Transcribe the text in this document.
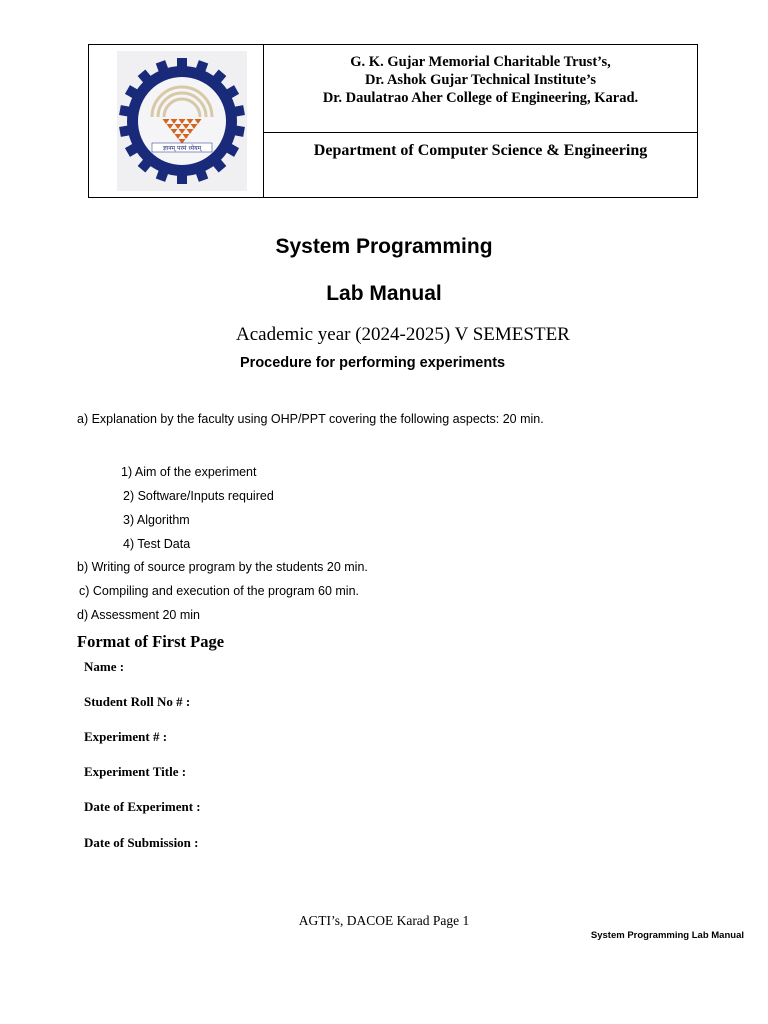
ज्ञानम् परमं ध्येयम्
G. K. Gujar Memorial Charitable Trust’s,
Dr. Ashok Gujar Technical Institute’s
Dr. Daulatrao Aher College of Engineering, Karad.
Department of Computer Science & Engineering
System Programming
Lab Manual
Academic year (2024-2025) V SEMESTER
Procedure for performing experiments
a) Explanation by the faculty using OHP/PPT covering the following aspects: 20 min.
1) Aim of the experiment
2) Software/Inputs required
3) Algorithm
4) Test Data
b) Writing of source program by the students 20 min.
c) Compiling and execution of the program 60 min.
d) Assessment 20 min
Format of First Page
Name :
Student Roll No # :
Experiment # :
Experiment Title :
Date of Experiment :
Date of Submission :
AGTI’s, DACOE Karad Page 1
System Programming Lab Manual
